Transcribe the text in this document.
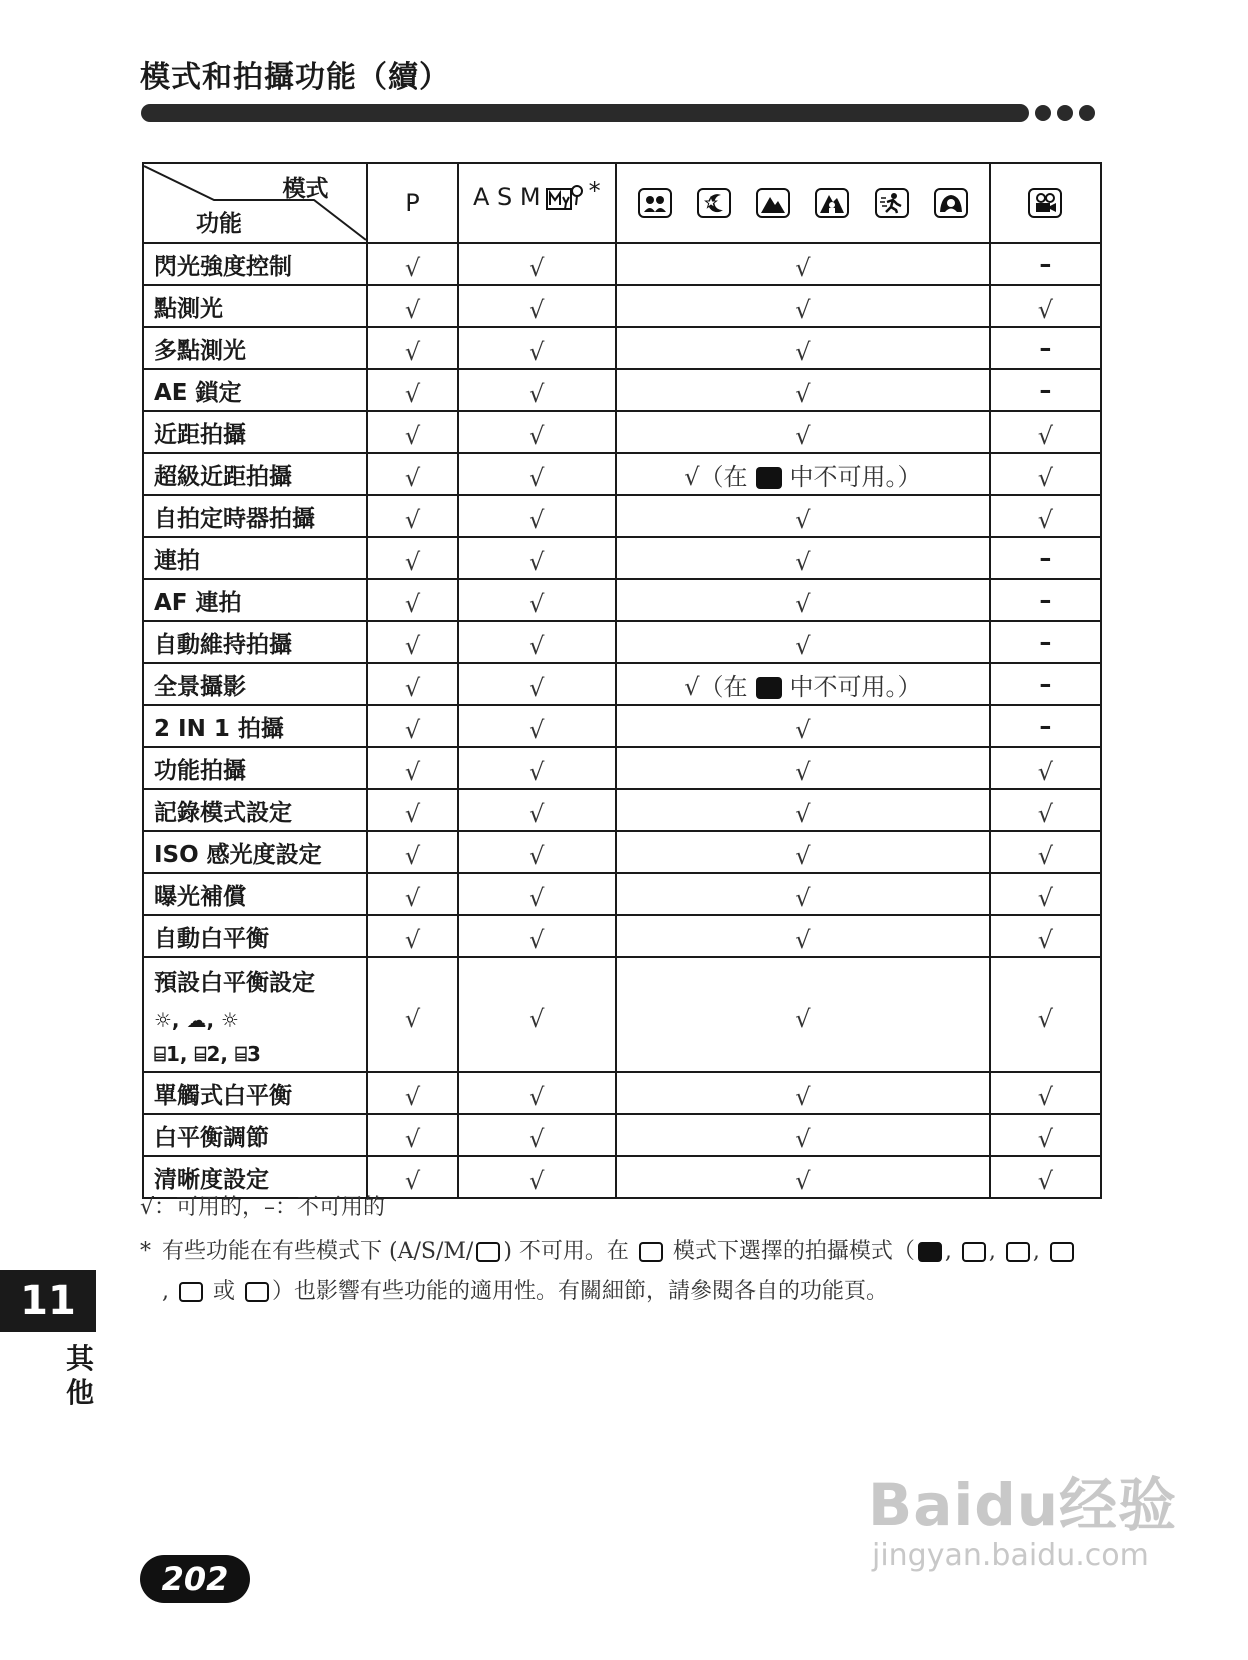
模式和拍攝功能（續）
模式
功能	P	A S M *

閃光強度控制	√	√	√	–
點測光	√	√	√	√
多點測光	√	√	√	–
AE 鎖定	√	√	√	–
近距拍攝	√	√	√	√
超級近距拍攝	√	√	√（在 中不可用。）	√
自拍定時器拍攝	√	√	√	√
連拍	√	√	√	–
AF 連拍	√	√	√	–
自動維持拍攝	√	√	√	–
全景攝影	√	√	√（在 中不可用。）	–
2 IN 1 拍攝	√	√	√	–
功能拍攝	√	√	√	√
記錄模式設定	√	√	√	√
ISO 感光度設定	√	√	√	√
曝光補償	√	√	√	√
自動白平衡	√	√	√	√
預設白平衡設定
☼, ☁, ☼
⌸1, ⌸2, ⌸3	√	√	√	√
單觸式白平衡	√	√	√	√
白平衡調節	√	√	√	√
清晰度設定	√	√	√	√
√：可用的，–：不可用的
* 有些功能在有些模式下 (A/S/M/ ) 不可用。在 模式下選擇的拍攝模式（ , , , , 或 ）也影響有些功能的適用性。有關細節，請參閱各自的功能頁。
11
其他
202
Baidu经验
jingyan.baidu.com
